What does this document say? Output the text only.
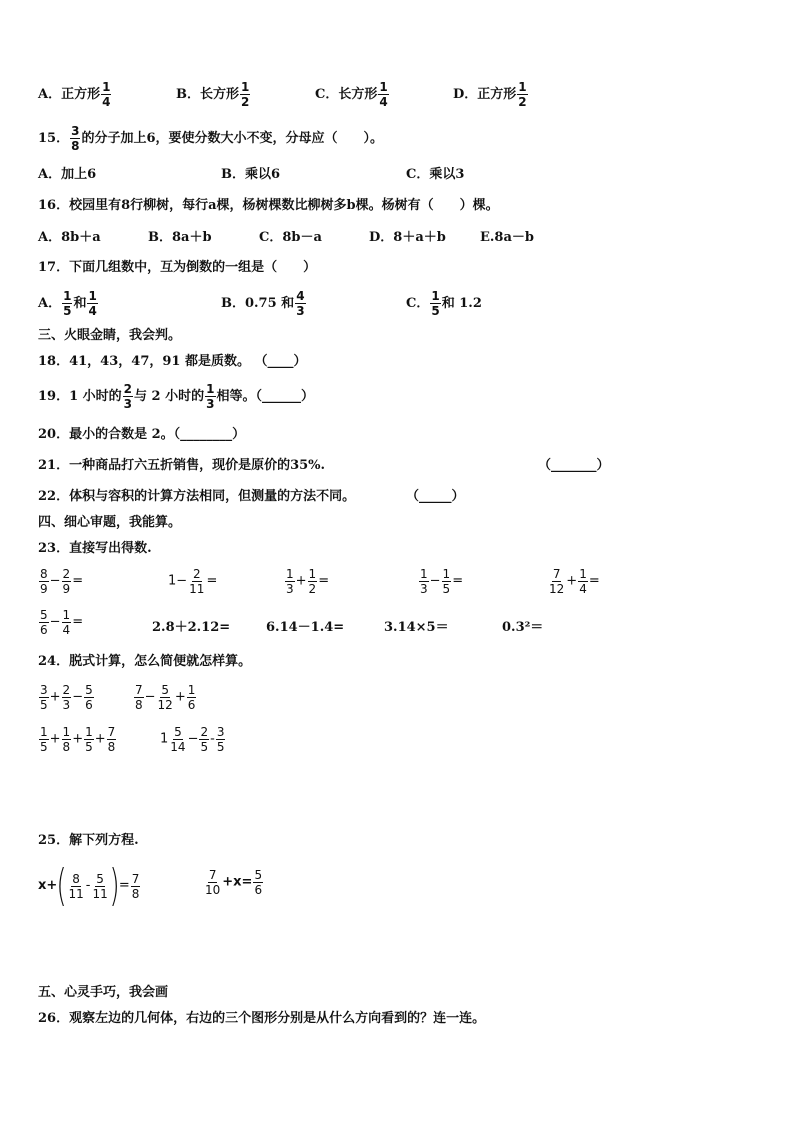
A．正方形 $\frac{1}{4}$	B．长方形 $\frac{1}{2}$	C．长方形 $\frac{1}{4}$	D．正方形 $\frac{1}{2}$
15． $\frac{3}{8}$ 的分子加上6，要使分数大小不变，分母应（　　）。
A．加上6	B．乘以6	C．乘以3
16．校园里有8行柳树，每行a棵，杨树棵数比柳树多b棵。杨树有（　　）棵。
A．8b＋a	B．8a＋b	C．8b－a	D．8＋a＋b	E.8a－b
17．下面几组数中，互为倒数的一组是（　　）
A． $\frac{1}{5}$ 和 $\frac{1}{4}$	B．0.75 和 $\frac{4}{3}$	C． $\frac{1}{5}$ 和 1.2
三、火眼金睛，我会判。
18．41，43，47，91 都是质数。 （____）
19．1 小时的 $\frac{2}{3}$ 与 2 小时的 $\frac{1}{3}$ 相等。（______）
20．最小的合数是 2。（________）
21．一种商品打六五折销售，现价是原价的35%.	（_______）
22．体积与容积的计算方法相同，但测量的方法不同。	（_____）
四、细心审题，我能算。
23．直接写出得数.
$\frac{8}{9} - \frac{2}{9}$ =	$1- \frac{2}{11}$ =	$\frac{1}{3} + \frac{1}{2}$ =	$\frac{1}{3} - \frac{1}{5}$ =	$\frac{7}{12} + \frac{1}{4}$ =
$\frac{5}{6} - \frac{1}{4}$ =	2.8＋2.12=	6.14－1.4=	3.14×5＝	0.3²＝
24．脱式计算，怎么简便就怎样算。
$\frac{3}{5} + \frac{2}{3} - \frac{5}{6}$	$\frac{7}{8} - \frac{5}{12} + \frac{1}{6}$
$\frac{1}{5} + \frac{1}{8} + \frac{1}{5} + \frac{7}{8}$	$1 \frac{5}{14} - \frac{2}{5} - \frac{3}{5}$
25．解下列方程.
$x+( \frac{8}{11} - \frac{5}{11}$ )= $\frac{7}{8}$	$\frac{7}{10} +x= \frac{5}{6}$
五、心灵手巧，我会画
26．观察左边的几何体，右边的三个图形分别是从什么方向看到的？连一连。
